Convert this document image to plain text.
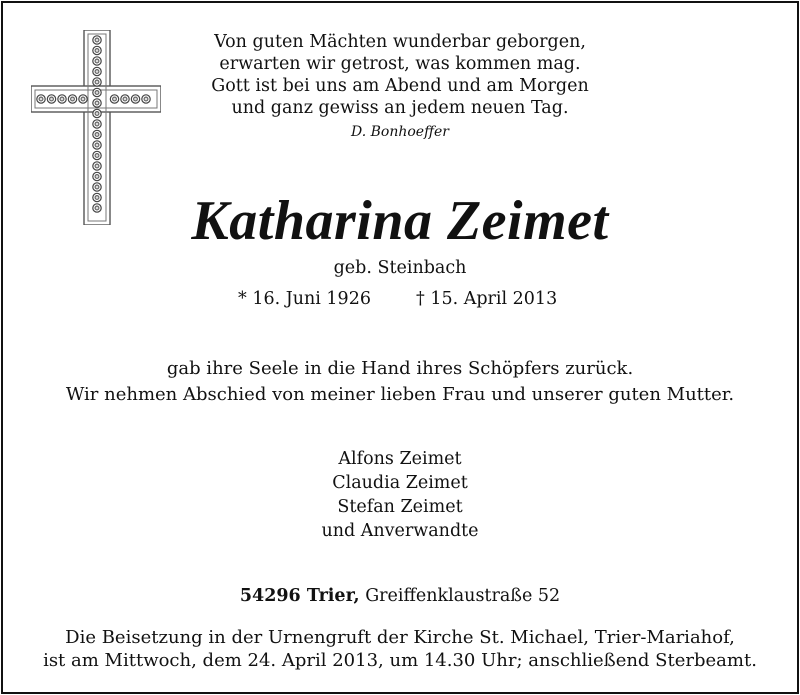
Von guten Mächten wunderbar geborgen,
erwarten wir getrost, was kommen mag.
Gott ist bei uns am Abend und am Morgen
und ganz gewiss an jedem neuen Tag.
D. Bonhoeffer
Katharina Zeimet
geb. Steinbach
* 16. Juni 1926	† 15. April 2013
gab ihre Seele in die Hand ihres Schöpfers zurück.
Wir nehmen Abschied von meiner lieben Frau und unserer guten Mutter.
Alfons Zeimet
Claudia Zeimet
Stefan Zeimet
und Anverwandte
54296 Trier, Greiffenklaustraße 52
Die Beisetzung in der Urnengruft der Kirche St. Michael, Trier-Mariahof,
ist am Mittwoch, dem 24. April 2013, um 14.30 Uhr; anschließend Sterbeamt.
